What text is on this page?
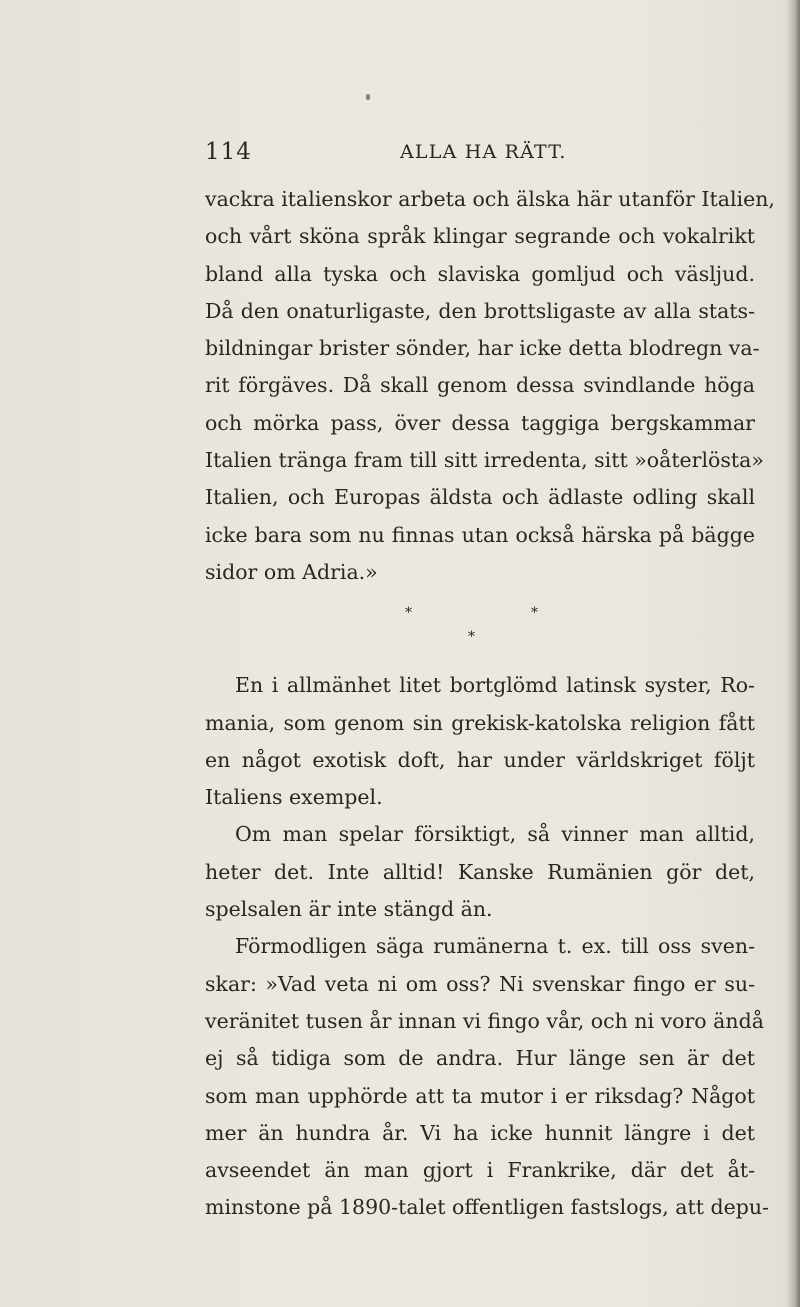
114	ALLA HA RÄTT.
vackra italienskor arbeta och älska här utanför Italien,
och vårt sköna språk klingar segrande och vokalrikt
bland alla tyska och slaviska gomljud och väsljud.
Då den onaturligaste, den brottsligaste av alla stats-
bildningar brister sönder, har icke detta blodregn va-
rit förgäves. Då skall genom dessa svindlande höga
och mörka pass, över dessa taggiga bergskammar
Italien tränga fram till sitt irredenta, sitt »oåterlösta»
Italien, och Europas äldsta och ädlaste odling skall
icke bara som nu finnas utan också härska på bägge
sidor om Adria.»
*	*
*
En i allmänhet litet bortglömd latinsk syster, Ro-
mania, som genom sin grekisk-katolska religion fått
en något exotisk doft, har under världskriget följt
Italiens exempel.
Om man spelar försiktigt, så vinner man alltid,
heter det. Inte alltid! Kanske Rumänien gör det,
spelsalen är inte stängd än.
Förmodligen säga rumänerna t. ex. till oss sven-
skar: »Vad veta ni om oss? Ni svenskar fingo er su-
veränitet tusen år innan vi fingo vår, och ni voro ändå
ej så tidiga som de andra. Hur länge sen är det
som man upphörde att ta mutor i er riksdag? Något
mer än hundra år. Vi ha icke hunnit längre i det
avseendet än man gjort i Frankrike, där det åt-
minstone på 1890-talet offentligen fastslogs, att depu-
